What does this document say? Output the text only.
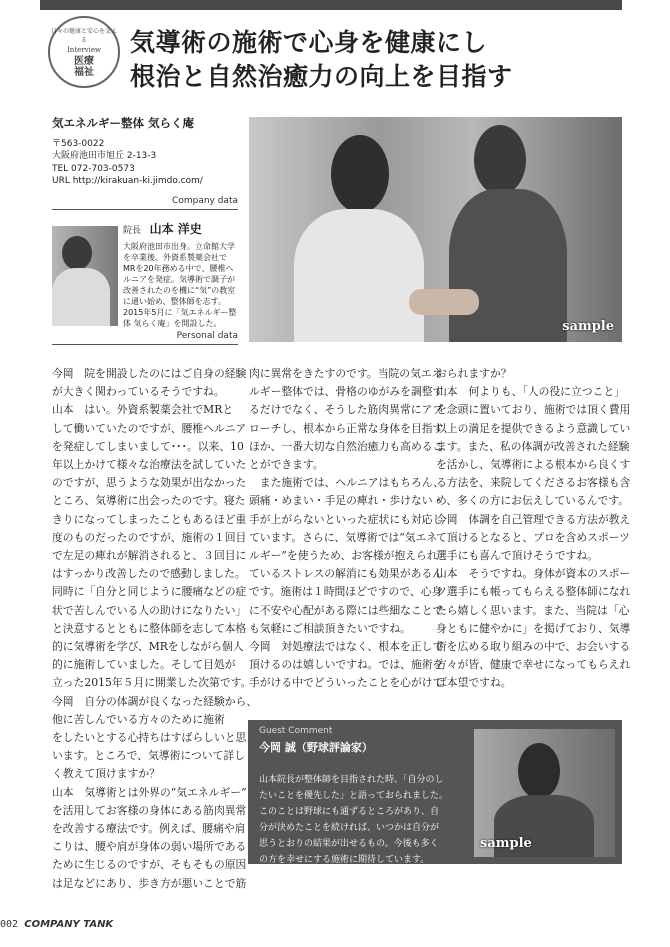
日々の健康と安心を支える
Interview
医療
福祉
気導術の施術で心身を健康にし
根治と自然治癒力の向上を目指す
気エネルギー整体 気らく庵
〒563-0022
大阪府池田市旭丘 2-13-3
TEL 072-703-0573
URL http://kirakuan-ki.jimdo.com/
Company data
院長 山本 洋史
大阪府池田市出身。立命館大学を卒業後、外資系製薬会社でMRを20年務める中で、腰椎ヘルニアを発症。気導術で調子が改善されたのを機に“気”の教室に通い始め、整体師を志す。2015年5月に「気エネルギー整体 気らく庵」を開設した。
Personal data
sample
今岡　院を開設したのにはご自身の経験
が大きく関わっているそうですね。
山本　はい。外資系製薬会社でMRと
して働いていたのですが、腰椎ヘルニア
を発症してしまいまして･･･。以来、10
年以上かけて様々な治療法を試していた
のですが、思うような効果が出なかった
ところ、気導術に出会ったのです。寝た
きりになってしまったこともあるほど重
度のものだったのですが、施術の１回目
で左足の痺れが解消されると、３回目に
はすっかり改善したので感動しました。
同時に「自分と同じように腰痛などの症
状で苦しんでいる人の助けになりたい」
と決意するとともに整体師を志して本格
的に気導術を学び、MRをしながら個人
的に施術していました。そして目処が
立った2015年５月に開業した次第です。
今岡　自分の体調が良くなった経験から、
他に苦しんでいる方々のために施術
をしたいとする心持ちはすばらしいと思
います。ところで、気導術について詳し
く教えて頂けますか？
山本　気導術とは外界の“気エネルギー”
を活用してお客様の身体にある筋肉異常
を改善する療法です。例えば、腰痛や肩
こりは、腰や肩が身体の弱い場所である
ために生じるのですが、そもそもの原因
は足などにあり、歩き方が悪いことで筋
肉に異常をきたすのです。当院の気エネ
ルギー整体では、骨格のゆがみを調整す
るだけでなく、そうした筋肉異常にアプ
ローチし、根本から正常な身体を目指す
ほか、一番大切な自然治癒力も高めるこ
とができます。
　また施術では、ヘルニアはもちろん、
頭痛・めまい・手足の痺れ・歩けない・
手が上がらないといった症状にも対応し
ています。さらに、気導術では“気エネ
ルギー”を使うため、お客様が抱えられ
ているストレスの解消にも効果があるん
です。施術は１時間ほどですので、心身
に不安や心配がある際には些細なことで
も気軽にご相談頂きたいですね。
今岡　対処療法ではなく、根本を正して
頂けるのは嬉しいですね。では、施術を
手がける中でどういったことを心がけて
おられますか？
山本　何よりも、「人の役に立つこと」
を念頭に置いており、施術では頂く費用
以上の満足を提供できるよう意識してい
ます。また、私の体調が改善された経験
を活かし、気導術による根本から良くす
る方法を、来院してくださるお客様も含
め、多くの方にお伝えしているんです。
今岡　体調を自己管理できる方法が教え
て頂けるとなると、プロを含めスポーツ
選手にも喜んで頂けそうですね。
山本　そうですね。身体が資本のスポー
ツ選手にも帳ってもらえる整体師になれ
たら嬉しく思います。また、当院は「心
身ともに健やかに」を掲げており、気導
術を広める取り組みの中で、お会いする
方々が皆、健康で幸せになってもらえれ
ば本望ですね。
Guest Comment
今岡 誠（野球評論家）
山本院長が整体師を目指された時、「自分のし
たいことを優先した」と語っておられました。
このことは野球にも通ずるところがあり、自
分が決めたことを続ければ、いつかは自分が
思うとおりの結果が出せるもの。今後も多く
の方を幸せにする施術に期待しています。
sample
002 COMPANY TANK
